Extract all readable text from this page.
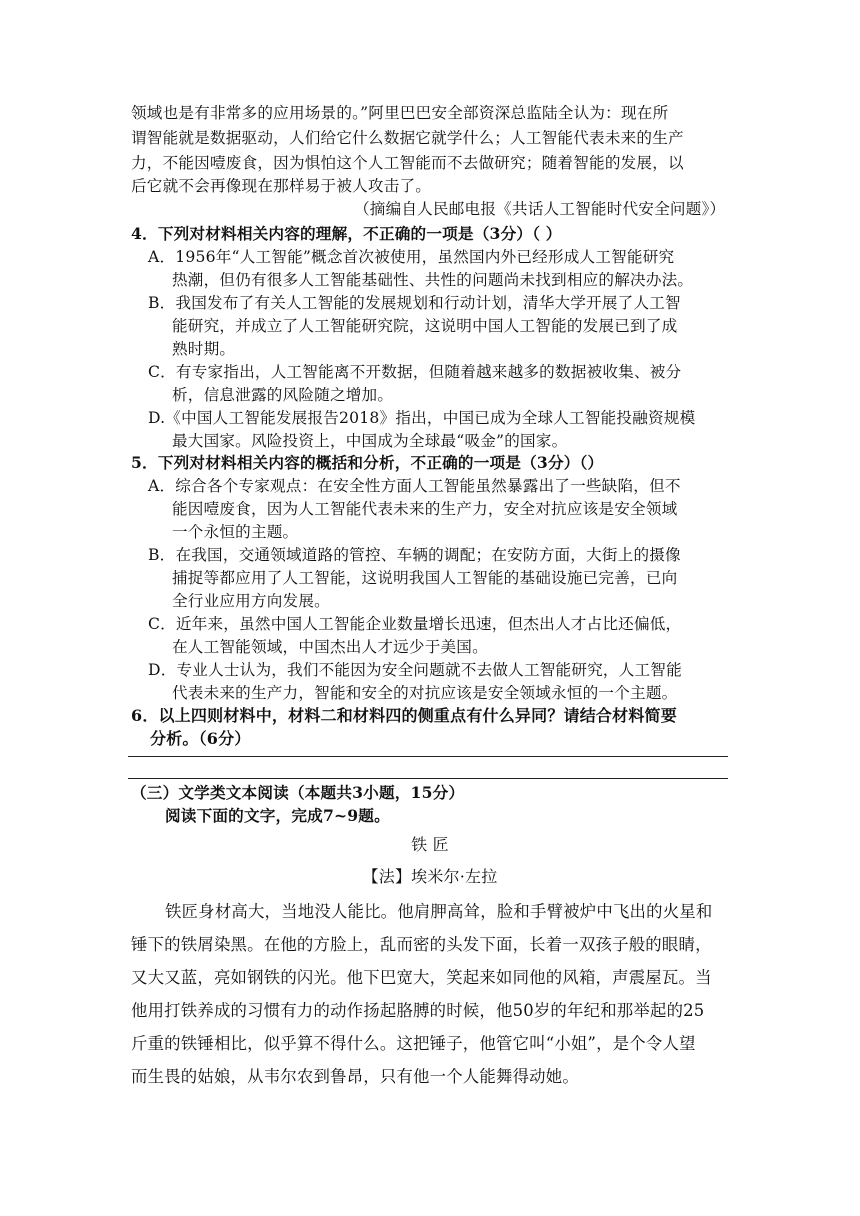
领域也是有非常多的应用场景的。”阿里巴巴安全部资深总监陆全认为：现在所
谓智能就是数据驱动，人们给它什么数据它就学什么；人工智能代表未来的生产
力，不能因噎废食，因为惧怕这个人工智能而不去做研究；随着智能的发展，以
后它就不会再像现在那样易于被人攻击了。
（摘编自人民邮电报《共话人工智能时代安全问题》）
4．下列对材料相关内容的理解，不正确的一项是（3分）（ ）
A．1956年“人工智能”概念首次被使用，虽然国内外已经形成人工智能研究
热潮，但仍有很多人工智能基础性、共性的问题尚未找到相应的解决办法。
B．我国发布了有关人工智能的发展规划和行动计划，清华大学开展了人工智
能研究，并成立了人工智能研究院，这说明中国人工智能的发展已到了成
熟时期。
C．有专家指出，人工智能离不开数据，但随着越来越多的数据被收集、被分
析，信息泄露的风险随之增加。
D.《中国人工智能发展报告2018》指出，中国已成为全球人工智能投融资规模
最大国家。风险投资上，中国成为全球最“吸金”的国家。
5．下列对材料相关内容的概括和分析，不正确的一项是（3分）（）
A．综合各个专家观点：在安全性方面人工智能虽然暴露出了一些缺陷，但不
能因噎废食，因为人工智能代表未来的生产力，安全对抗应该是安全领域
一个永恒的主题。
B．在我国，交通领域道路的管控、车辆的调配；在安防方面，大街上的摄像
捕捉等都应用了人工智能，这说明我国人工智能的基础设施已完善，已向
全行业应用方向发展。
C．近年来，虽然中国人工智能企业数量增长迅速，但杰出人才占比还偏低，
在人工智能领域，中国杰出人才远少于美国。
D．专业人士认为，我们不能因为安全问题就不去做人工智能研究，人工智能
代表未来的生产力，智能和安全的对抗应该是安全领域永恒的一个主题。
6．以上四则材料中，材料二和材料四的侧重点有什么异同？请结合材料简要
分析。（6分）
（三）文学类文本阅读（本题共3小题，15分）
阅读下面的文字，完成7~9题。
铁 匠
【法】埃米尔·左拉
铁匠身材高大，当地没人能比。他肩胛高耸，脸和手臂被炉中飞出的火星和
锤下的铁屑染黑。在他的方脸上，乱而密的头发下面，长着一双孩子般的眼睛，
又大又蓝，亮如钢铁的闪光。他下巴宽大，笑起来如同他的风箱，声震屋瓦。当
他用打铁养成的习惯有力的动作扬起胳膊的时候，他50岁的年纪和那举起的25
斤重的铁锤相比，似乎算不得什么。这把锤子，他管它叫“小姐”，是个令人望
而生畏的姑娘，从韦尔农到鲁昂，只有他一个人能舞得动她。
